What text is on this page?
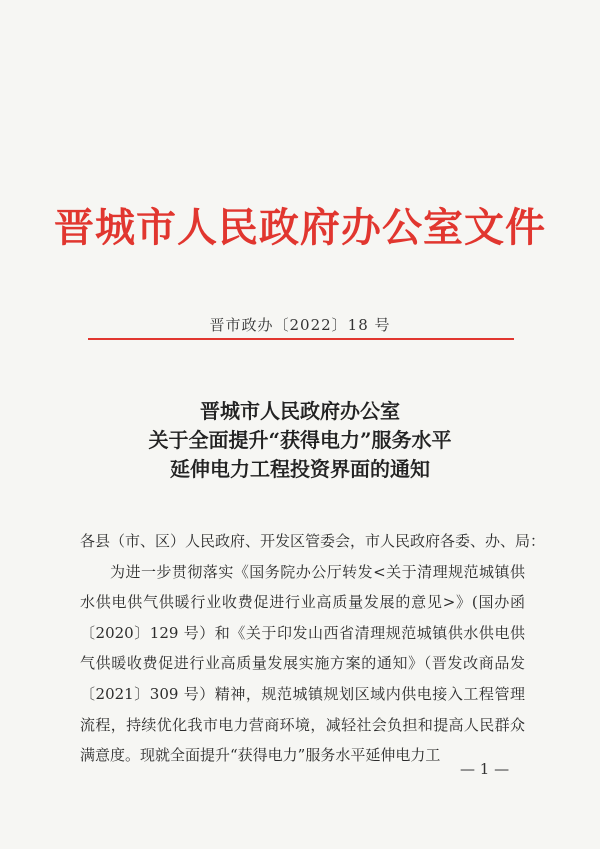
晋城市人民政府办公室文件
晋市政办〔2022〕18 号
晋城市人民政府办公室
关于全面提升“获得电力”服务水平
延伸电力工程投资界面的通知
各县（市、区）人民政府、开发区管委会，市人民政府各委、办、局：
为进一步贯彻落实《国务院办公厅转发<关于清理规范城镇供水供电供气供暖行业收费促进行业高质量发展的意见>》(国办函〔2020〕129 号）和《关于印发山西省清理规范城镇供水供电供气供暖收费促进行业高质量发展实施方案的通知》（晋发改商品发〔2021〕309 号）精神，规范城镇规划区域内供电接入工程管理流程，持续优化我市电力营商环境，减轻社会负担和提高人民群众满意度。现就全面提升“获得电力”服务水平延伸电力工
— 1 —
